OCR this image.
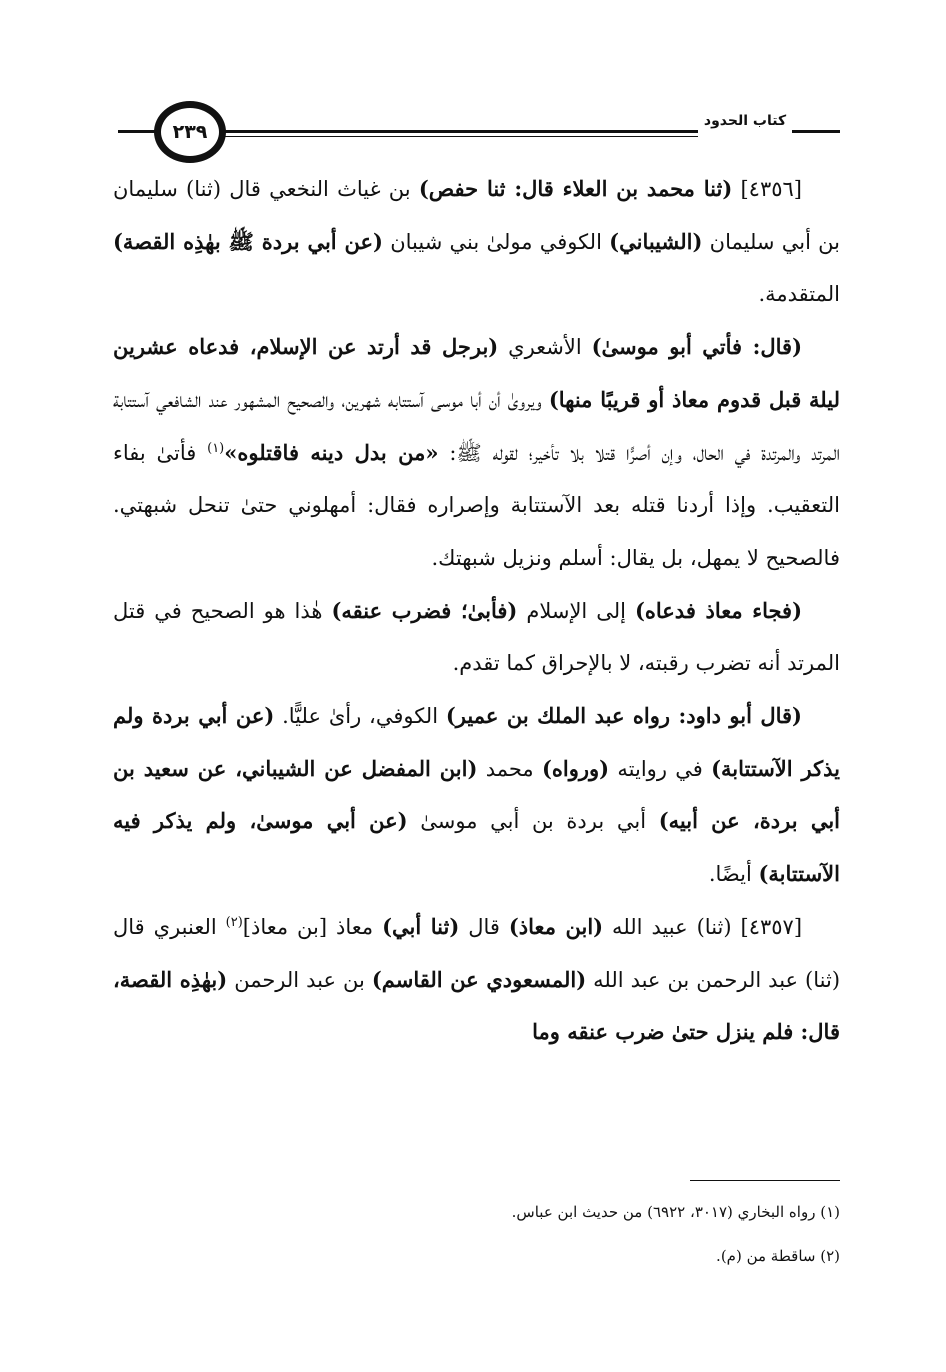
٢٣٩	كتاب الحدود

[٤٣٥٦] (ثنا محمد بن العلاء قال: ثنا حفص) بن غياث النخعي قال (ثنا) سليمان بن أبي سليمان (الشيباني) الكوفي مولىٰ بني شيبان (عن أبي بردة ﷺ بهٰذِه القصة) المتقدمة.

(قال: فأتي أبو موسىٰ) الأشعري (برجل قد أرتد عن الإسلام، فدعاه عشرين ليلة قبل قدوم معاذ أو قريبًا منها) ويروىٰ أن أبا موسى آستتابه شهرين، والصحيح المشهور عند الشافعي آستتابة المرتد والمرتدة في الحال، وإن أصرًّا قتلا بلا تأخير؛ لقوله ﷺ: «من بدل دينه فاقتلوه»$^{(١)}$ فأتىٰ بفاء التعقيب. وإذا أردنا قتله بعد الآستتابة وإصراره فقال: أمهلوني حتىٰ تنحل شبهتي. فالصحيح لا يمهل، بل يقال: أسلم ونزيل شبهتك.

(فجاء معاذ فدعاه) إلى الإسلام (فأبىٰ؛ فضرب عنقه) هٰذا هو الصحيح في قتل المرتد أنه تضرب رقبته، لا بالإحراق كما تقدم.

(قال أبو داود: رواه عبد الملك بن عمير) الكوفي، رأىٰ عليًّا. (عن أبي بردة ولم يذكر الآستتابة) في روايته (ورواه) محمد (ابن المفضل عن الشيباني، عن سعيد بن أبي بردة، عن أبيه) أبي بردة بن أبي موسىٰ (عن أبي موسىٰ، ولم يذكر فيه الآستتابة) أيضًا.

[٤٣٥٧] (ثنا) عبيد الله (ابن معاذ) قال (ثنا أبي) معاذ [بن معاذ]$^{(٢)}$ العنبري قال (ثنا) عبد الرحمن بن عبد الله (المسعودي عن القاسم) بن عبد الرحمن (بهٰذِه القصة، قال: فلم ينزل حتىٰ ضرب عنقه وما

(١) رواه البخاري (٣٠١٧، ٦٩٢٢) من حديث ابن عباس.

(٢) ساقطة من (م).
